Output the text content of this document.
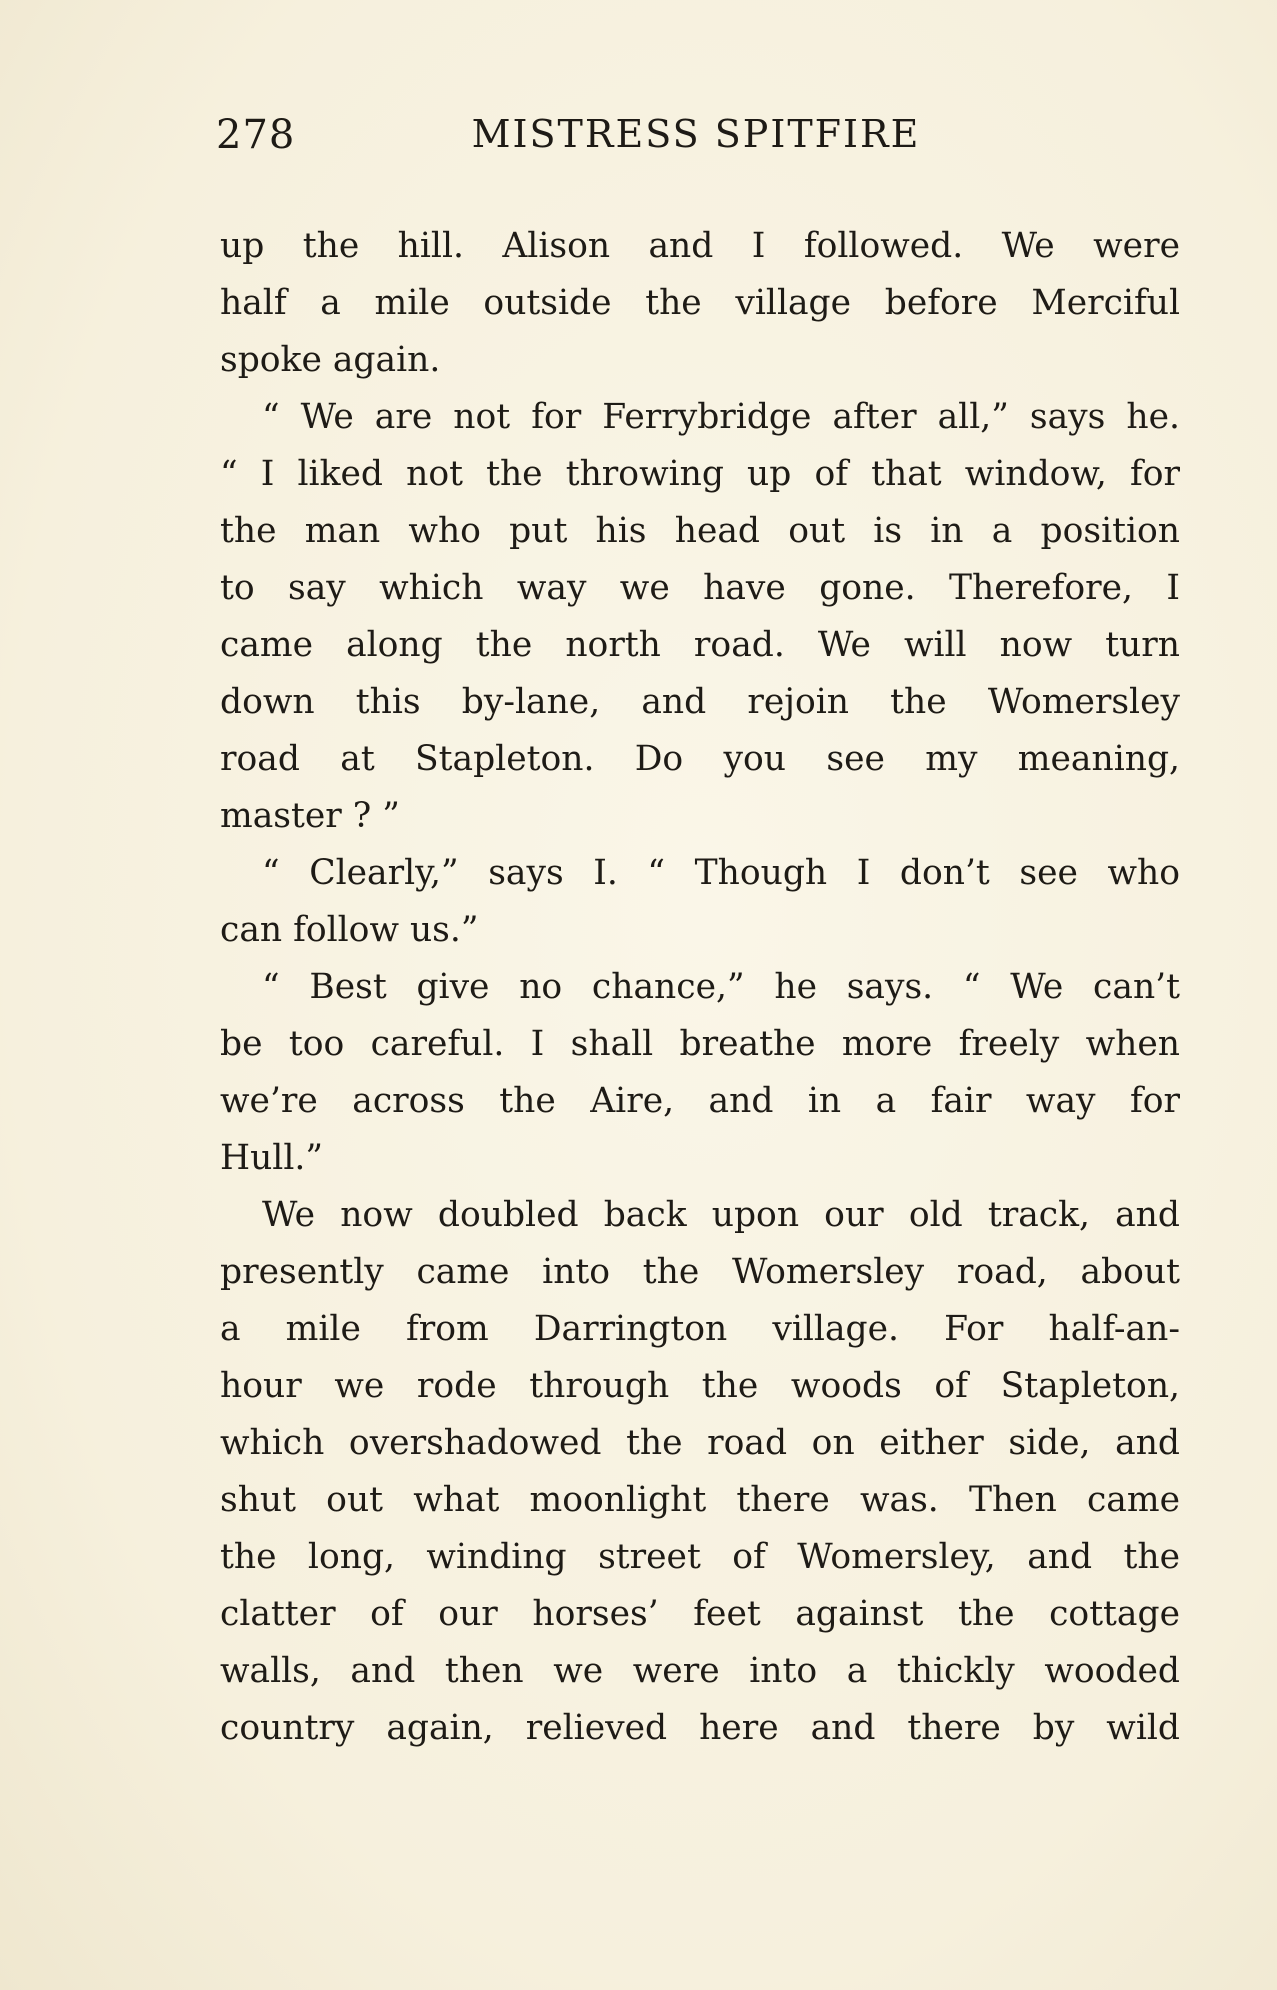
278	MISTRESS SPITFIRE
up the hill. Alison and I followed. We were
half a mile outside the village before Merciful
spoke again.
“ We are not for Ferrybridge after all,” says he.
“ I liked not the throwing up of that window, for
the man who put his head out is in a position
to say which way we have gone. Therefore, I
came along the north road. We will now turn
down this by-lane, and rejoin the Womersley
road at Stapleton. Do you see my meaning,
master ? ”
“ Clearly,” says I. “ Though I don’t see who
can follow us.”
“ Best give no chance,” he says. “ We can’t
be too careful. I shall breathe more freely when
we’re across the Aire, and in a fair way for
Hull.”
We now doubled back upon our old track, and
presently came into the Womersley road, about
a mile from Darrington village. For half-an-
hour we rode through the woods of Stapleton,
which overshadowed the road on either side, and
shut out what moonlight there was. Then came
the long, winding street of Womersley, and the
clatter of our horses’ feet against the cottage
walls, and then we were into a thickly wooded
country again, relieved here and there by wild
